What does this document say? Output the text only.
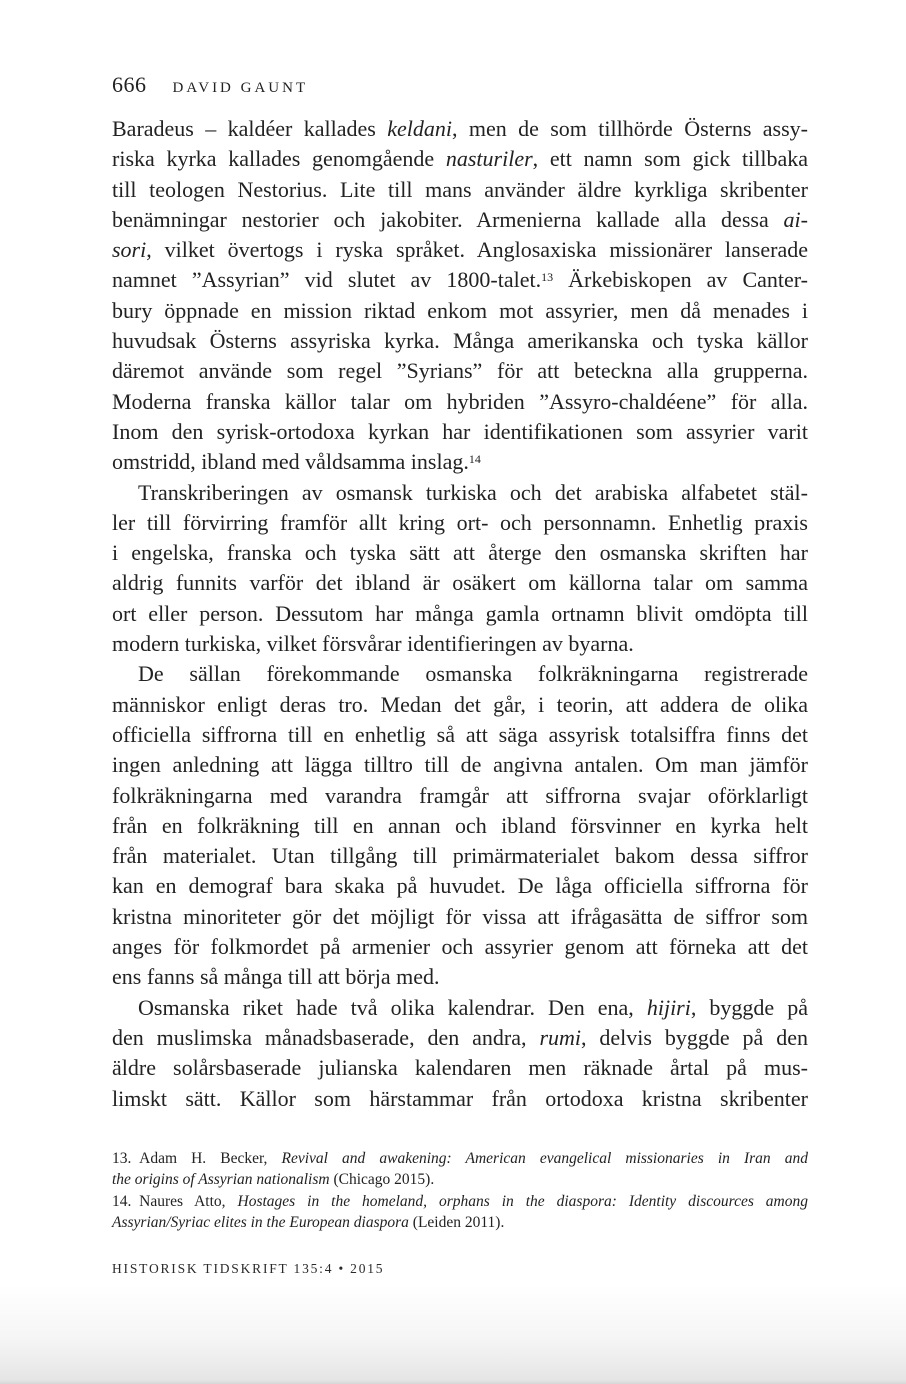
666 DAVID GAUNT
Baradeus – kaldéer kallades keldani, men de som tillhörde Österns assy-
riska kyrka kallades genomgående nasturiler, ett namn som gick tillbaka
till teologen Nestorius. Lite till mans använder äldre kyrkliga skribenter
benämningar nestorier och jakobiter. Armenierna kallade alla dessa ai-
sori, vilket övertogs i ryska språket. Anglosaxiska missionärer lanserade
namnet ”Assyrian” vid slutet av 1800-talet.$^{13}$ Ärkebiskopen av Canter-
bury öppnade en mission riktad enkom mot assyrier, men då menades i
huvudsak Österns assyriska kyrka. Många amerikanska och tyska källor
däremot använde som regel ”Syrians” för att beteckna alla grupperna.
Moderna franska källor talar om hybriden ”Assyro-chaldéene” för alla.
Inom den syrisk-ortodoxa kyrkan har identifikationen som assyrier varit
omstridd, ibland med våldsamma inslag.$^{14}$
Transkriberingen av osmansk turkiska och det arabiska alfabetet stäl-
ler till förvirring framför allt kring ort- och personnamn. Enhetlig praxis
i engelska, franska och tyska sätt att återge den osmanska skriften har
aldrig funnits varför det ibland är osäkert om källorna talar om samma
ort eller person. Dessutom har många gamla ortnamn blivit omdöpta till
modern turkiska, vilket försvårar identifieringen av byarna.
De sällan förekommande osmanska folkräkningarna registrerade
människor enligt deras tro. Medan det går, i teorin, att addera de olika
officiella siffrorna till en enhetlig så att säga assyrisk totalsiffra finns det
ingen anledning att lägga tilltro till de angivna antalen. Om man jämför
folkräkningarna med varandra framgår att siffrorna svajar oförklarligt
från en folkräkning till en annan och ibland försvinner en kyrka helt
från materialet. Utan tillgång till primärmaterialet bakom dessa siffror
kan en demograf bara skaka på huvudet. De låga officiella siffrorna för
kristna minoriteter gör det möjligt för vissa att ifrågasätta de siffror som
anges för folkmordet på armenier och assyrier genom att förneka att det
ens fanns så många till att börja med.
Osmanska riket hade två olika kalendrar. Den ena, hijiri, byggde på
den muslimska månadsbaserade, den andra, rumi, delvis byggde på den
äldre solårsbaserade julianska kalendaren men räknade årtal på mus-
limskt sätt. Källor som härstammar från ortodoxa kristna skribenter
13. Adam H. Becker, Revival and awakening: American evangelical missionaries in Iran and
the origins of Assyrian nationalism (Chicago 2015).
14. Naures Atto, Hostages in the homeland, orphans in the diaspora: Identity discources among
Assyrian/Syriac elites in the European diaspora (Leiden 2011).
HISTORISK TIDSKRIFT 135:4 • 2015
